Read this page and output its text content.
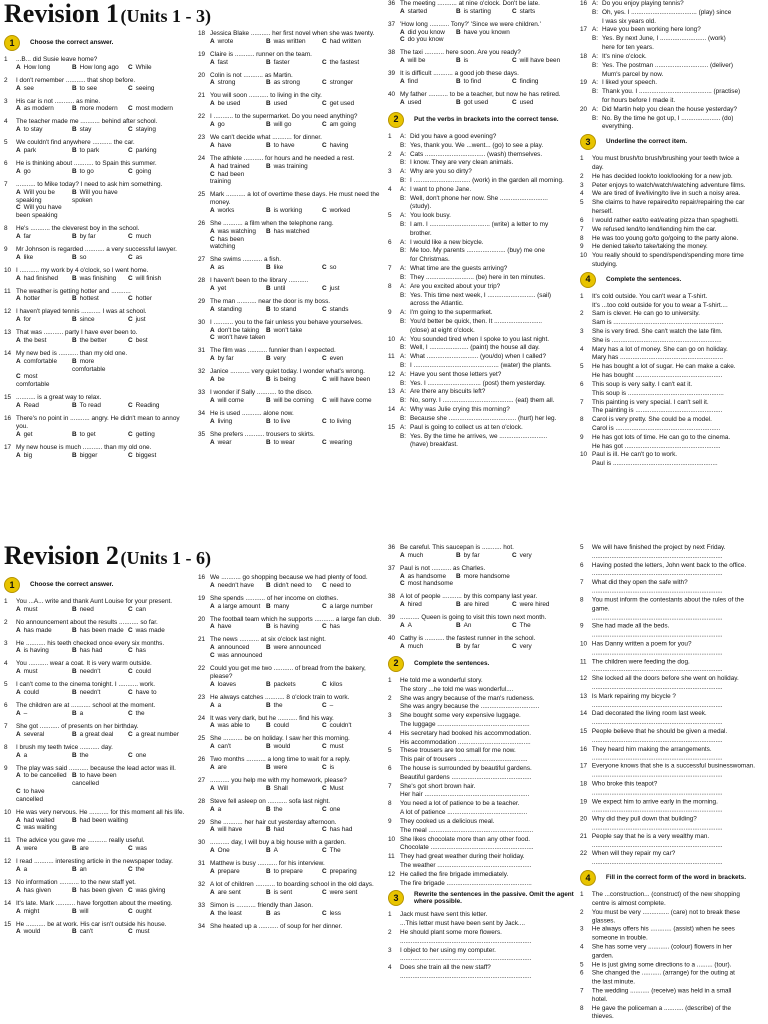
Revision 1 (Units 1 - 3)
1	Choose the correct answer.
1	...B... did Susie leave home?
A How long	B How long ago	C While
2	I don't remember ........... that shop before.
A see	B to see	C seeing
3	His car is not ........... as mine.
A as modern	B more modern	C most modern
4	The teacher made me ........... behind after school.
A to stay	B stay	C staying
5	We couldn't find anywhere ........... the car.
A park	B to park	C parking
6	He is thinking about ........... to Spain this summer.
A go	B to go	C going
7	........... to Mike today? I need to ask him something.
A Will you be speaking
B Will you have spoken
C Will you have been speaking
8	He's ........... the cleverest boy in the school.
A far	B by far	C much
9	Mr Johnson is regarded ........... a very successful lawyer.
A like	B so	C as
10 I ........... my work by 4 o'clock, so I went home.
A had finished	B was finishing	C will finish
11 The weather is getting hotter and ...........
A hotter	B hottest	C hotter
12 I haven't played tennis ........... I was at school.
A for	B since	C just
13 That was ........... party I have ever been to.
A the best	B the better	C best
14 My new bed is ........... than my old one.
A comfortable	B more comfortable
C most comfortable
15 ........... is a great way to relax.
A Read	B To read	C Reading
16 There's no point in ........... angry. He didn't mean to annoy you.
A get	B to get	C getting
17 My new house is much ........... than my old one.
A big	B bigger	C biggest
18 Jessica Blake ........... her first novel when she was twenty.
A wrote	B was written	C had written
19 Claire is ........... runner on the team.
A fast	B faster	C the fastest
20 Colin is not ........... as Martin.
A strong	B as strong	C stronger
21 You will soon ........... to living in the city.
A be used	B used	C get used
22 I ........... to the supermarket. Do you need anything?
A go	B will go	C am going
23 We can't decide what ........... for dinner.
A have	B to have	C having
24 The athlete ........... for hours and he needed a rest.
A had trained	B was training
C had been training
25 Mark ........... a lot of overtime these days. He must need the money.
A works	B is working	C worked
26 She ........... a film when the telephone rang.
A was watching	B has watched
C has been watching
27 She swims ........... a fish.
A as	B like	C so
28 I haven't been to the library ...........
A yet	B until	C just
29 The man ........... near the door is my boss.
A standing	B to stand	C stands
30 I ........... you to the fair unless you behave yourselves.
A don't be taking	B won't take
C won't have taken
31 The film was ........... funnier than I expected.
A by far	B very	C even
32 Janice ........... very quiet today. I wonder what's wrong.
A be	B is being	C will have been
33 I wonder if Sally ........... to the disco.
A will come	B will be coming	C will have come
34 He is used ........... alone now.
A living	B to live	C to living
35 She prefers ........... trousers to skirts.
A wear	B to wear	C wearing
36 The meeting ........... at nine o'clock. Don't be late.
A started	B is starting	C starts
37 'How long ........... Tony?' 'Since we were children.'
A did you know	B have you known
C do you know
38 The taxi ........... here soon. Are you ready?
A will be	B is	C will have been
39 It is difficult ........... a good job these days.
A find	B to find	C finding
40 My father ........... to be a teacher, but now he has retired.
A used	B got used	C used
2	Put the verbs in brackets into the correct tense.
1	A: Did you have a good evening?
B: Yes, thank you. We ...went... (go) to see a play.
2	A: Cats .................................. (wash) themselves.
B: I know. They are very clean animals.
3	A: Why are you so dirty?
B: I ................................ (work) in the garden all morning.
4	A: I want to phone Jane.
B: Well, don't phone her now. She ...........................
(study).
5	A: You look busy.
B: I am. I .................................. (write) a letter to my
brother.
6	A: I would like a new bicycle.
B: Me too. My parents ...................... (buy) me one
for Christmas.
7	A: What time are the guests arriving?
B: They ........................... (be) here in ten minutes.
8	A: Are you excited about your trip?
B: Yes. This time next week, I ........................... (sail)
across the Atlantic.
9	A: I'm going to the supermarket.
B: You'd better be quick, then. It ...........................
(close) at eight o'clock.
10 A: You sounded tired when I spoke to you last night.
B: Well, I ...................... (paint) the house all day.
11 A: What ............................. (you/do) when I called?
B: I ................................................ (water) the plants.
12 A: Have you sent those letters yet?
B: Yes. I .............................. (post) them yesterday.
13 A: Are there any biscuits left?
B: No, sorry. I ........................................ (eat) them all.
14 A: Why was Julie crying this morning?
B: Because she ...................................... (hurt) her leg.
15 A: Paul is going to collect us at ten o'clock.
B: Yes. By the time he arrives, we ...........................
(have) breakfast.
16 A: Do you enjoy playing tennis?
B: Oh, yes. I ..................................... (play) since
I was six years old.
17 A: Have you been working here long?
B: Yes. By next June, I .......................... (work)
here for ten years.
18 A: It's nine o'clock.
B: Yes. The postman .............................. (deliver)
Mum's parcel by now.
19 A: I liked your speech.
B: Thank you. I ......................................... (practise)
for hours before I made it.
20 A: Did Martin help you clean the house yesterday?
B: No. By the time he got up, I ...................... (do)
everything.
3	Underline the correct item.
1	You must brush/to brush/brushing your teeth twice a
day.
2	He has decided look/to look/looking for a new job.
3	Peter enjoys to watch/watch/watching adventure films.
4	We are tired of live/living/to live in such a noisy area.
5	She claims to have repaired/to repair/repairing the car
herself.
6	I would rather eat/to eat/eating pizza than spaghetti.
7	We refused lend/to lend/lending him the car.
8	He was too young go/to go/going to the party alone.
9	He denied take/to take/taking the money.
10 You really should to spend/spend/spending more time
studying.
4	Complete the sentences.
1	It's cold outside. You can't wear a T-shirt.
It's ...too cold outside for you to wear a T-shirt....
2	Sam is clever. He can go to university.
Sam is ..............................................................
3	She is very tired. She can't watch the late film.
She is ..............................................................
4	Mary has a lot of money. She can go on holiday.
Mary has ..........................................................
5	He has bought a lot of sugar. He can make a cake.
He has bought .................................................
6	This soup is very salty. I can't eat it.
This soup is ......................................................
7	This painting is very special. I can't sell it.
The painting is .................................................
8	Carol is very pretty. She could be a model.
Carol is ...........................................................
9	He has got lots of time. He can go to the cinema.
He has got ......................................................
10 Paul is ill. He can't go to work.
Paul is ...........................................................
Revision 2 (Units 1 - 6)
1	Choose the correct answer.
1	You ...A... write and thank Aunt Louise for your present.
A must	B need	C can
2	No announcement about the results ........... so far.
A has made	B has been made C was made
3	He ........... his teeth checked once every six months.
A is having	B has had	C has
4	You ........... wear a coat. It is very warm outside.
A must	B needn't	C could
5	I can't come to the cinema tonight. I ........... work.
A could	B needn't	C have to
6	The children are at ........... school at the moment.
A –	B a	C the
7	She got ........... of presents on her birthday.
A several	B a great deal	C a great number
8	I brush my teeth twice ........... day.
A a	B the	C one
9	The play was said ........... because the lead actor was ill.
A to be cancelled B to have been cancelled
C to have cancelled
10 He was very nervous. He ........... for this moment all his life.
A had waited	B had been waiting
C was waiting
11 The advice you gave me ........... really useful.
A were	B are	C was
12 I read ........... interesting article in the newspaper today.
A a	B an	C the
13 No information ........... to the new staff yet.
A has given	B has been given C was giving
14 It's late. Mark ........... have forgotten about the meeting.
A might	B will	C ought
15 He ........... be at work. His car isn't outside his house.
A would	B can't	C must
16 We ........... go shopping because we had plenty of food.
A needn't have	B didn't need to	C need to
19 She spends ........... of her income on clothes.
A a large amount B many	C a large number
20 The football team which he supports ........... a large fan club.
A have	B is having	C has
21 The news ........... at six o'clock last night.
A announced	B were announced
C was announced
22 Could you get me two ........... of bread from the bakery, please?
A loaves	B packets	C kilos
23 He always catches ........... 8 o'clock train to work.
A a	B the	C –
24 It was very dark, but he ........... find his way.
A was able to	B could	C couldn't
25 She ........... be on holiday. I saw her this morning.
A can't	B would	C must
26 Two months ........... a long time to wait for a reply.
A are	B were	C is
27 ........... you help me with my homework, please?
A Will	B Shall	C Must
28 Steve fell asleep on ........... sofa last night.
A a	B the	C one
29 She ........... her hair cut yesterday afternoon.
A will have	B had	C has had
30 ........... day, I will buy a big house with a garden.
A One	B A	C The
31 Matthew is busy ........... for his interview.
A prepare	B to prepare	C preparing
32 A lot of children ........... to boarding school in the old days.
A are sent	B is sent	C were sent
33 Simon is ........... friendly than Jason.
A the least	B as	C less
34 She heated up a ........... of soup for her dinner.
36 Be careful. This saucepan is ........... hot.
A much	B by far	C very
37 Paul is not ........... as Charles.
A as handsome	B more handsome
C most handsome
38 A lot of people ........... by this company last year.
A hired	B are hired	C were hired
39 ........... Queen is going to visit this town next month.
A A	B An	C The
40 Cathy is ........... the fastest runner in the school.
A much	B by far	C very
2	Complete the sentences.
1	He told me a wonderful story.
The story ...he told me was wonderful....
2	She was angry because of the man's rudeness.
She was angry because the .................................
3	She bought some very expensive luggage.
The luggage ....................................................
4	His secretary had booked his accommodation.
His accommodation .........................................
5	These trousers are too small for me now.
This pair of trousers .......................................
6	The house is surrounded by beautiful gardens.
Beautiful gardens .............................................
7	She's got short brown hair.
Her hair ...........................................................
8	You need a lot of patience to be a teacher.
A lot of patience .............................................
9	They cooked us a delicious meal.
The meal ...........................................................
10 She likes chocolate more than any other food.
Chocolate ..........................................................
11 They had great weather during their holiday.
The weather .....................................................
12 He called the fire brigade immediately.
The fire brigade ................................................
3	Rewrite the sentences in the passive. Omit the agent where possible.
1	Jack must have sent this letter.
...This letter must have been sent by Jack....
2	He should plant some more flowers.
..........................................................................
3	I object to her using my computer.
..........................................................................
4	Does she train all the new staff?
..........................................................................
5	We will have finished the project by next Friday.
..........................................................................
6	Having posted the letters, John went back to the office.
..........................................................................
7	What did they open the safe with?
..........................................................................
8	You must inform the contestants about the rules of the
game.
..........................................................................
9	She had made all the beds.
..........................................................................
10 Has Danny written a poem for you?
..........................................................................
11 The children were feeding the dog.
..........................................................................
12 She locked all the doors before she went on holiday.
..........................................................................
13 Is Mark repairing my bicycle ?
..........................................................................
14 Dad decorated the living room last week.
..........................................................................
15 People believe that he should be given a medal.
..........................................................................
16 They heard him making the arrangements.
..........................................................................
17 Everyone knows that she is a successful businesswoman.
..........................................................................
18 Who broke this teapot?
..........................................................................
19 We expect him to arrive early in the morning.
..........................................................................
20 Why did they pull down that building?
..........................................................................
21 People say that he is a very wealthy man.
..........................................................................
22 When will they repair my car?
..........................................................................
4	Fill in the correct form of the word in brackets.
1	The ...construction... (construct) of the new shopping
centre is almost complete.
2	You must be very ............... (care) not to break these
glasses.
3	He always offers his ............ (assist) when he sees
someone in trouble.
4	She has some very ............ (colour) flowers in her
garden.
5	He is just giving some directions to a ......... (tour).
6	She changed the ........... (arrange) for the outing at
the last minute.
7	The wedding ........... (receive) was held in a small
hotel.
8	He gave the policeman a ........... (describe) of the
thieves.
